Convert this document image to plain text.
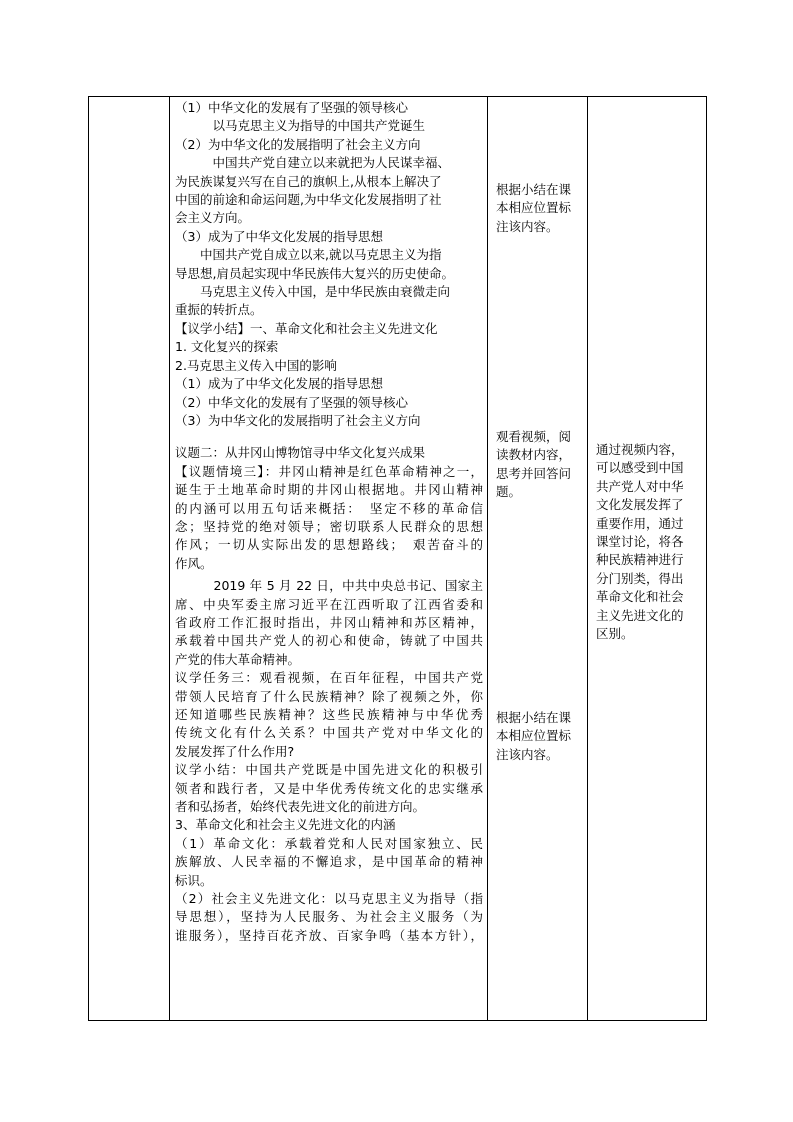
（1）中华文化的发展有了坚强的领导核心

　　　以马克思主义为指导的中国共产党诞生

（2）为中华文化的发展指明了社会主义方向

　　　中国共产党自建立以来就把为人民谋幸福、

为民族谋复兴写在自己的旗帜上,从根本上解决了

中国的前途和命运问题,为中华文化发展指明了社

会主义方向。

（3）成为了中华文化发展的指导思想

　　中国共产党自成立以来,就以马克思主义为指

导思想,肩员起实现中华民族伟大复兴的历史使命。

　　马克思主义传入中国，是中华民族由衰微走向

重振的转折点。

【议学小结】一、革命文化和社会主义先进文化

1. 文化复兴的探索

2.马克思主义传入中国的影响

（1）成为了中华文化发展的指导思想

（2）中华文化的发展有了坚强的领导核心

（3）为中华文化的发展指明了社会主义方向

议题二：从井冈山博物馆寻中华文化复兴成果

【议题情境三】：井冈山精神是红色革命精神之一，

诞生于土地革命时期的井冈山根据地。井冈山精神

的内涵可以用五句话来概括：　坚定不移的革命信

念；坚持党的绝对领导；密切联系人民群众的思想

作风；一切从实际出发的思想路线；　艰苦奋斗的

作风。

　　　2019 年 5 月 22 日，中共中央总书记、国家主

席、中央军委主席习近平在江西听取了江西省委和

省政府工作汇报时指出，井冈山精神和苏区精神，

承载着中国共产党人的初心和使命，铸就了中国共

产党的伟大革命精神。

议学任务三：观看视频，在百年征程，中国共产党

带领人民培育了什么民族精神？除了视频之外，你

还知道哪些民族精神？这些民族精神与中华优秀

传统文化有什么关系？中国共产党对中华文化的

发展发挥了什么作用?

议学小结：中国共产党既是中国先进文化的积极引

领者和践行者，又是中华优秀传统文化的忠实继承

者和弘扬者，始终代表先进文化的前进方向。

3、革命文化和社会主义先进文化的内涵

（1）革命文化：承载着党和人民对国家独立、民

族解放、人民幸福的不懈追求，是中国革命的精神

标识。

（2）社会主义先进文化：以马克思主义为指导（指

导思想），坚持为人民服务、为社会主义服务（为

谁服务），坚持百花齐放、百家争鸣（基本方针），

根据小结在课
本相应位置标
注该内容。
观看视频，阅
读教材内容，
思考并回答问
题。
根据小结在课
本相应位置标
注该内容。
通过视频内容，
可以感受到中国
共产党人对中华
文化发展发挥了
重要作用，通过
课堂讨论，将各
种民族精神进行
分门别类，得出
革命文化和社会
主义先进文化的
区别。
